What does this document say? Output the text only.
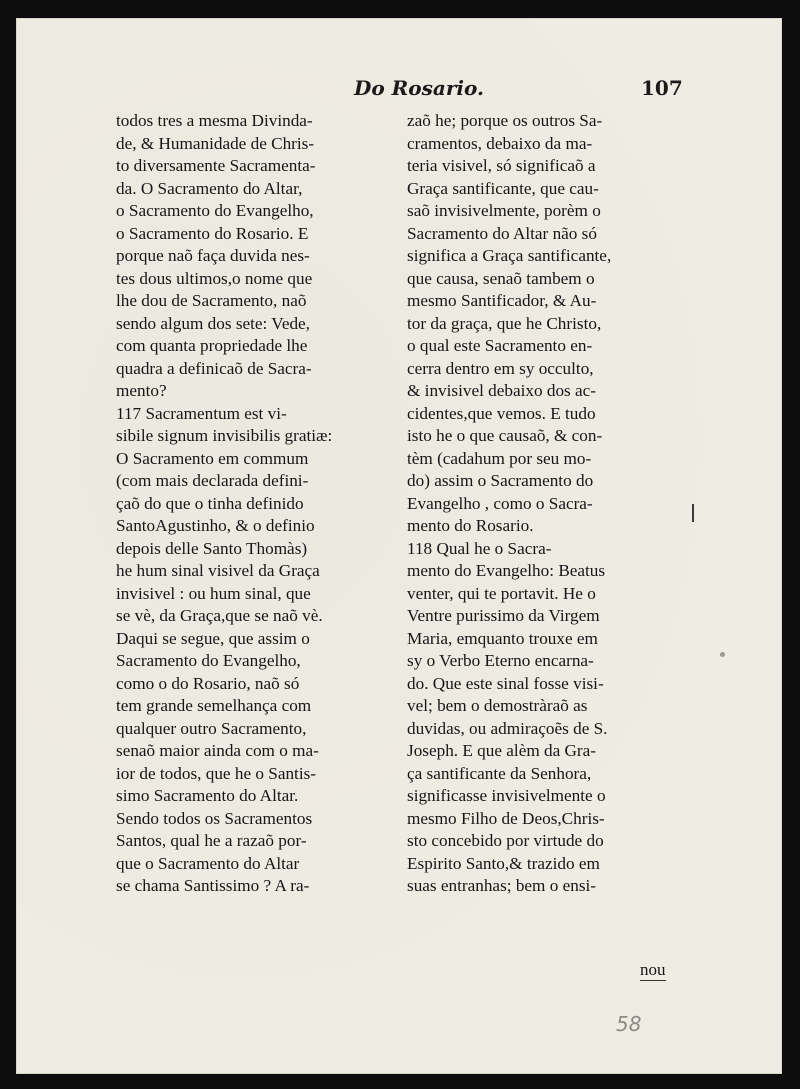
Do Rosario.	107
todos tres a mesma Divinda-
de, & Humanidade de Chris-
to diversamente Sacramenta-
da. O Sacramento do Altar,
o Sacramento do Evangelho,
o Sacramento do Rosario. E
porque naõ faça duvida nes-
tes dous ultimos,o nome que
lhe dou de Sacramento, naõ
sendo algum dos sete: Vede,
com quanta propriedade lhe
quadra a definicaõ de Sacra-
mento?
117 Sacramentum est vi-
sibile signum invisibilis gratiæ:
O Sacramento em commum
(com mais declarada defini-
çaõ do que o tinha definido
SantoAgustinho, & o definio
depois delle Santo Thomàs)
he hum sinal visivel da Graça
invisivel : ou hum sinal, que
se vè, da Graça,que se naõ vè.
Daqui se segue, que assim o
Sacramento do Evangelho,
como o do Rosario, naõ só
tem grande semelhança com
qualquer outro Sacramento,
senaõ maior ainda com o ma-
ior de todos, que he o Santis-
simo Sacramento do Altar.
Sendo todos os Sacramentos
Santos, qual he a razaõ por-
que o Sacramento do Altar
se chama Santissimo ? A ra-
zaõ he; porque os outros Sa-
cramentos, debaixo da ma-
teria visivel, só significaõ a
Graça santificante, que cau-
saõ invisivelmente, porèm o
Sacramento do Altar não só
significa a Graça santificante,
que causa, senaõ tambem o
mesmo Santificador, & Au-
tor da graça, que he Christo,
o qual este Sacramento en-
cerra dentro em sy occulto,
& invisivel debaixo dos ac-
cidentes,que vemos. E tudo
isto he o que causaõ, & con-
tèm (cadahum por seu mo-
do) assim o Sacramento do
Evangelho , como o Sacra-
mento do Rosario.
118 Qual he o Sacra-
mento do Evangelho: Beatus
venter, qui te portavit. He o
Ventre purissimo da Virgem
Maria, emquanto trouxe em
sy o Verbo Eterno encarna-
do. Que este sinal fosse visi-
vel; bem o demostràraõ as
duvidas, ou admiraçoẽs de S.
Joseph. E que alèm da Gra-
ça santificante da Senhora,
significasse invisivelmente o
mesmo Filho de Deos,Chris-
sto concebido por virtude do
Espirito Santo,& trazido em
suas entranhas; bem o ensi-
nou
58
